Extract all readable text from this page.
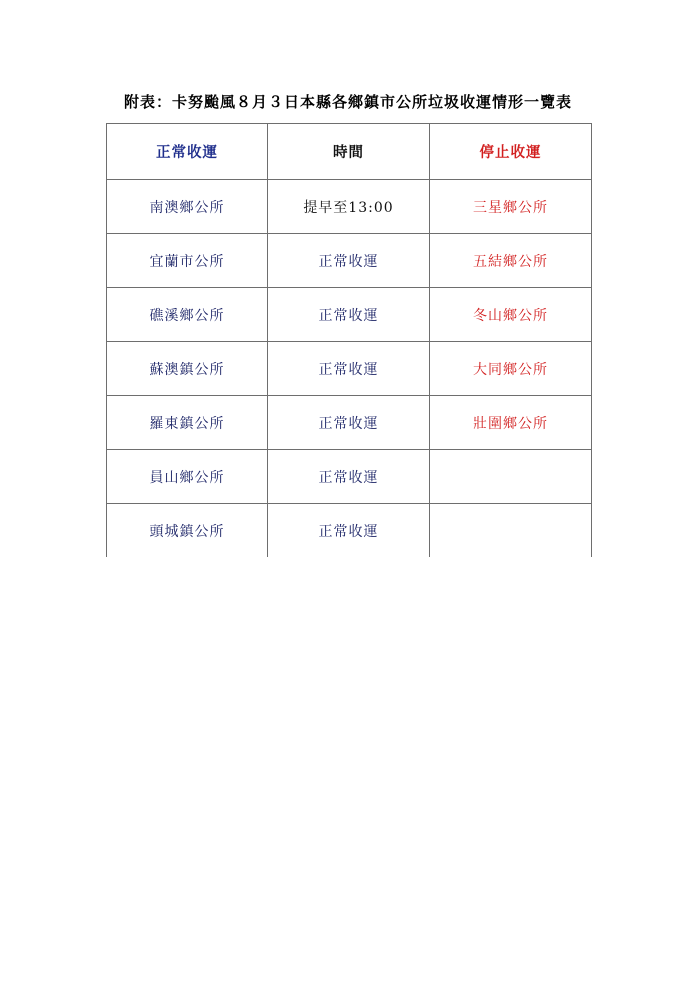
附表：卡努颱風８月３日本縣各鄉鎮市公所垃圾收運情形一覽表
正常收運	時間	停止收運
南澳鄉公所	提早至13:00	三星鄉公所
宜蘭市公所	正常收運	五結鄉公所
礁溪鄉公所	正常收運	冬山鄉公所
蘇澳鎮公所	正常收運	大同鄉公所
羅東鎮公所	正常收運	壯圍鄉公所
員山鄉公所	正常收運	
頭城鎮公所	正常收運	
